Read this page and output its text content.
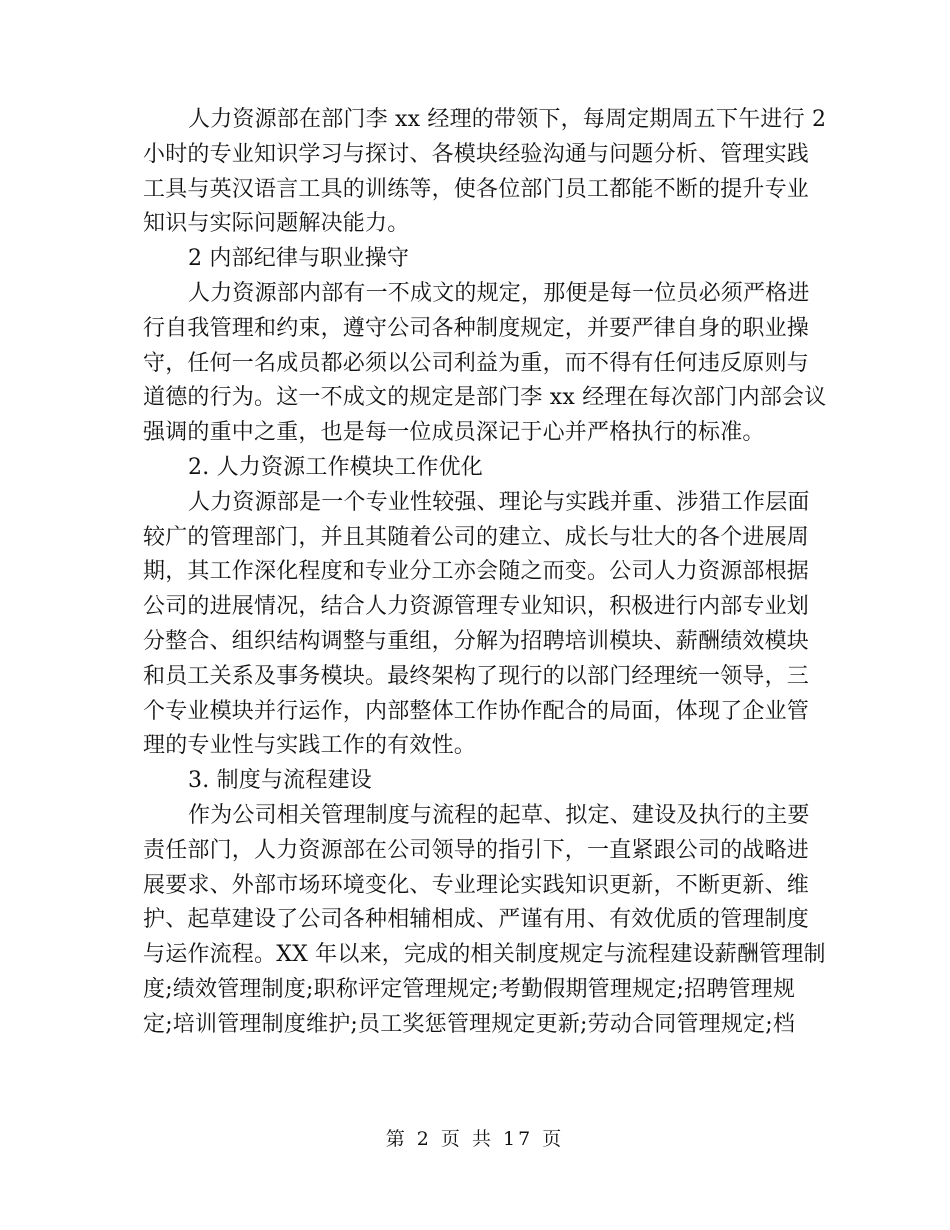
人力资源部在部门李 xx 经理的带领下，每周定期周五下午进行 2
小时的专业知识学习与探讨、各模块经验沟通与问题分析、管理实践
工具与英汉语言工具的训练等，使各位部门员工都能不断的提升专业
知识与实际问题解决能力。
2 内部纪律与职业操守
人力资源部内部有一不成文的规定，那便是每一位员必须严格进
行自我管理和约束，遵守公司各种制度规定，并要严律自身的职业操
守，任何一名成员都必须以公司利益为重，而不得有任何违反原则与
道德的行为。这一不成文的规定是部门李 xx 经理在每次部门内部会议
强调的重中之重，也是每一位成员深记于心并严格执行的标准。
2. 人力资源工作模块工作优化
人力资源部是一个专业性较强、理论与实践并重、涉猎工作层面
较广的管理部门，并且其随着公司的建立、成长与壮大的各个进展周
期，其工作深化程度和专业分工亦会随之而变。公司人力资源部根据
公司的进展情况，结合人力资源管理专业知识，积极进行内部专业划
分整合、组织结构调整与重组，分解为招聘培训模块、薪酬绩效模块
和员工关系及事务模块。最终架构了现行的以部门经理统一领导，三
个专业模块并行运作，内部整体工作协作配合的局面，体现了企业管
理的专业性与实践工作的有效性。
3. 制度与流程建设
作为公司相关管理制度与流程的起草、拟定、建设及执行的主要
责任部门，人力资源部在公司领导的指引下，一直紧跟公司的战略进
展要求、外部市场环境变化、专业理论实践知识更新，不断更新、维
护、起草建设了公司各种相辅相成、严谨有用、有效优质的管理制度
与运作流程。XX 年以来，完成的相关制度规定与流程建设薪酬管理制
度;绩效管理制度;职称评定管理规定;考勤假期管理规定;招聘管理规
定;培训管理制度维护;员工奖惩管理规定更新;劳动合同管理规定;档
第 2 页 共 17 页
